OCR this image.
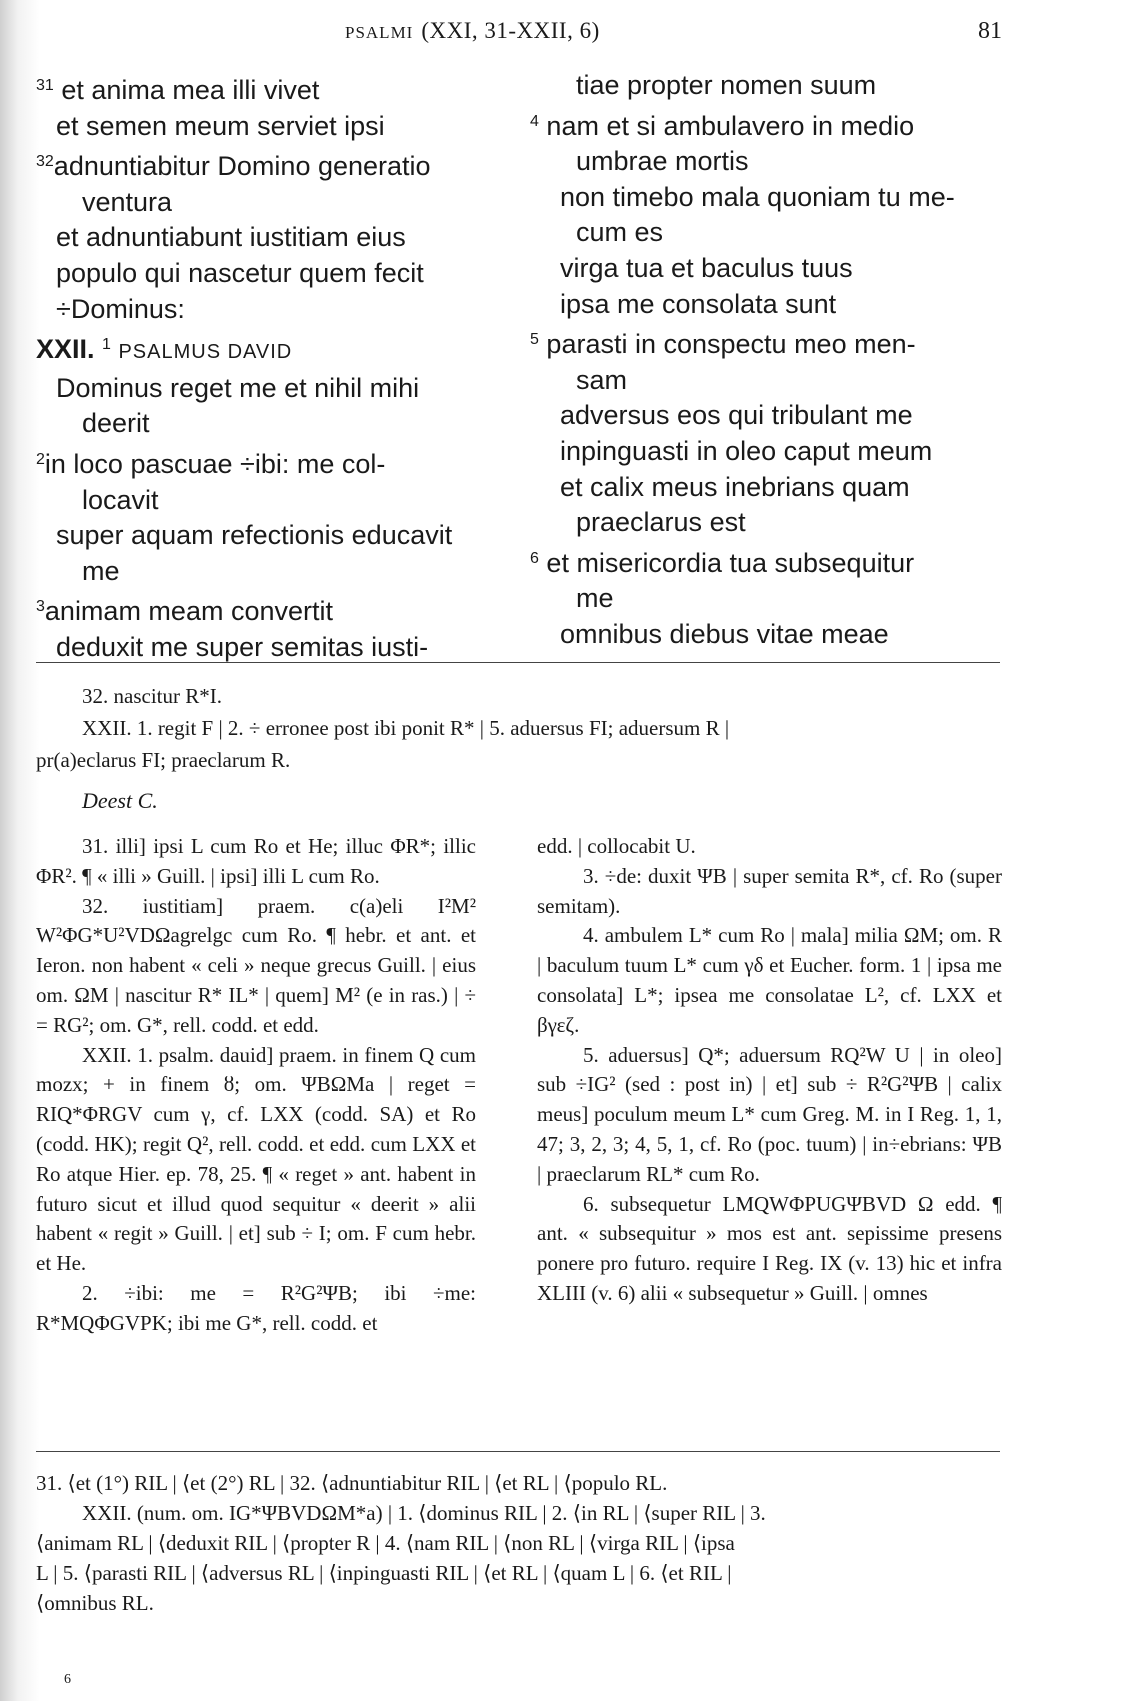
PSALMI (XXI, 31-XXII, 6)	81
$^{31}$ et anima mea illi vivet
et semen meum serviet ipsi
$^{32}$adnuntiabitur Domino generatio
ventura
et adnuntiabunt iustitiam eius
populo qui nascetur quem fecit
÷Dominus:
XXII. $^1$ PSALMUS DAVID
Dominus reget me et nihil mihi
deerit
$^2$in loco pascuae ÷ibi: me col-
locavit
super aquam refectionis educavit
me
$^3$animam meam convertit
deduxit me super semitas iusti-
tiae propter nomen suum
$^4$ nam et si ambulavero in medio
umbrae mortis
non timebo mala quoniam tu me-
cum es
virga tua et baculus tuus
ipsa me consolata sunt
$^5$ parasti in conspectu meo men-
sam
adversus eos qui tribulant me
inpinguasti in oleo caput meum
et calix meus inebrians quam
praeclarus est
$^6$ et misericordia tua subsequitur
me
omnibus diebus vitae meae

32. nascitur R*I.

XXII. 1. regit F | 2. ÷ erronee post ibi ponit R* | 5. aduersus FI; aduersum R |

pr(a)eclarus FI; praeclarum R.

Deest C.

31. illi] ipsi L cum Ro et He; illuc ΦR*; illic ΦR². ¶ « illi » Guill. | ipsi] illi L cum Ro.

32. iustitiam] praem. c(a)eli I²M² W²ΦG*U²VDΩagrelgc cum Ro. ¶ hebr. et ant. et Ieron. non habent « celi » neque grecus Guill. | eius om. ΩM | nascitur R* IL* | quem] M² (e in ras.) | ÷ = RG²; om. G*, rell. codd. et edd.

XXII. 1. psalm. dauid] praem. in finem Q cum mozx; + in finem ȣ; om. ΨBΩMa | reget = RIQ*ΦRGV cum γ, cf. LXX (codd. SA) et Ro (codd. HK); regit Q², rell. codd. et edd. cum LXX et Ro atque Hier. ep. 78, 25. ¶ « reget » ant. habent in futuro sicut et illud quod sequitur « deerit » alii habent « regit » Guill. | et] sub ÷ I; om. F cum hebr. et He.

2. ÷ibi: me = R²G²ΨB; ibi ÷me: R*MQΦGVPK; ibi me G*, rell. codd. et

edd. | collocabit U.

3. ÷de: duxit ΨB | super semita R*, cf. Ro (super semitam).

4. ambulem L* cum Ro | mala] milia ΩM; om. R | baculum tuum L* cum γδ et Eucher. form. 1 | ipsa me consolata] L*; ipsea me consolatae L², cf. LXX et βγεζ.

5. aduersus] Q*; aduersum RQ²W U | in oleo] sub ÷IG² (sed : post in) | et] sub ÷ R²G²ΨB | calix meus] poculum meum L* cum Greg. M. in I Reg. 1, 1, 47; 3, 2, 3; 4, 5, 1, cf. Ro (poc. tuum) | in÷ebrians: ΨB | praeclarum RL* cum Ro.

6. subsequetur LMQWΦPUGΨBVD Ω edd. ¶ ant. « subsequitur » mos est ant. sepissime presens ponere pro futuro. require I Reg. IX (v. 13) hic et infra XLIII (v. 6) alii « subsequetur » Guill. | omnes

31. ⟨et (1°) RIL | ⟨et (2°) RL | 32. ⟨adnuntiabitur RIL | ⟨et RL | ⟨populo RL.

XXII. (num. om. IG*ΨBVDΩM*a) | 1. ⟨dominus RIL | 2. ⟨in RL | ⟨super RIL | 3.

⟨animam RL | ⟨deduxit RIL | ⟨propter R | 4. ⟨nam RIL | ⟨non RL | ⟨virga RIL | ⟨ipsa

L | 5. ⟨parasti RIL | ⟨adversus RL | ⟨inpinguasti RIL | ⟨et RL | ⟨quam L | 6. ⟨et RIL |

⟨omnibus RL.

6
